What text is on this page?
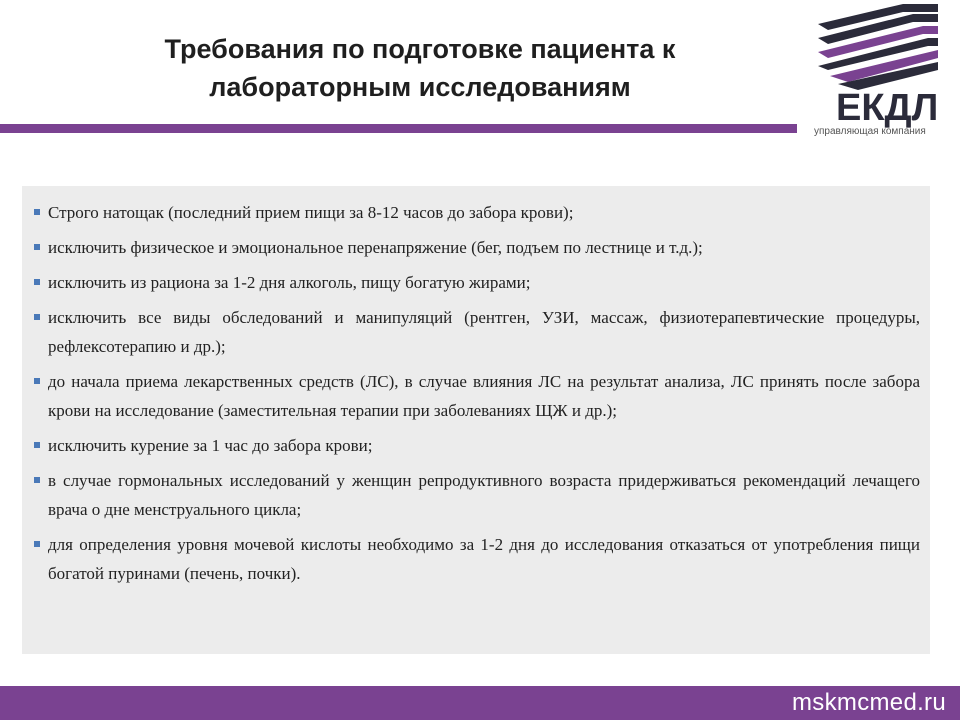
Требования по подготовке пациента к
лабораторным исследованиям	ЕКДЛ
управляющая компания
Строго натощак (последний прием пищи за 8-12 часов до забора крови);
исключить физическое и эмоциональное перенапряжение (бег, подъем по лестнице и т.д.);
исключить из рациона за 1-2 дня алкоголь, пищу богатую жирами;
исключить все виды обследований и манипуляций (рентген, УЗИ, массаж, физиотерапевтические процедуры, рефлексотерапию и др.);
до начала приема лекарственных средств (ЛС), в случае влияния ЛС на результат анализа, ЛС принять после забора крови на исследование (заместительная терапии при заболеваниях ЩЖ и др.);
исключить курение за 1 час до забора крови;
в случае гормональных исследований у женщин репродуктивного возраста придерживаться рекомендаций лечащего врача о дне менструального цикла;
для определения уровня мочевой кислоты необходимо за 1-2 дня до исследования отказаться от употребления пищи богатой пуринами (печень, почки).
mskmcmed.ru
